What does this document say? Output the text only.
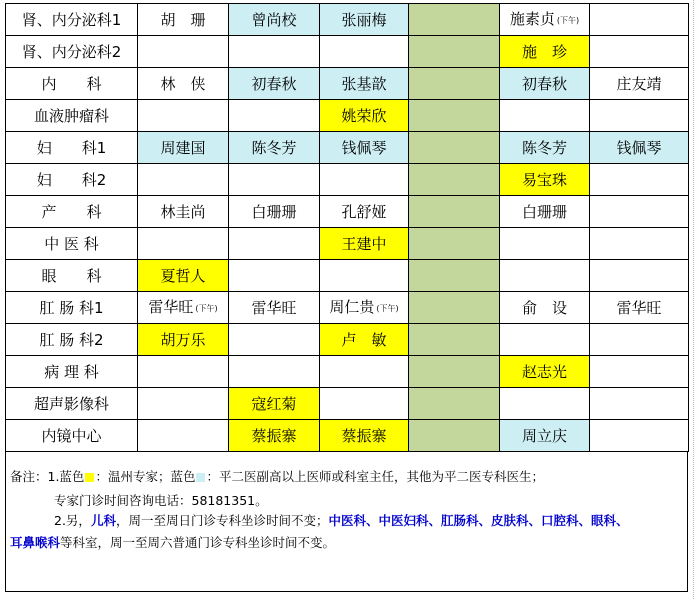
肾、内分泌科1	胡　珊	曾尚校	张丽梅		施素贞 (下午)	
肾、内分泌科2					施　珍	
内　　科	林　侠	初春秋	张基歆		初春秋	庄友靖
血液肿瘤科			姚荣欣			
妇　　科1	周建国	陈冬芳	钱佩琴		陈冬芳	钱佩琴
妇　　科2					易宝珠	
产　　科	林圭尚	白珊珊	孔舒娅		白珊珊	
中 医 科			王建中			
眼　　科	夏哲人					
肛 肠 科1	雷华旺 (下午)	雷华旺	周仁贵 (下午)		俞　设	雷华旺
肛 肠 科2	胡万乐		卢　敏			
病 理 科					赵志光	
超声影像科		寇红菊				
内镜中心		蔡振寨	蔡振寨		周立庆	
备注：1.蓝色 ：温州专家；蓝色 ：平二医副高以上医师或科室主任，其他为平二医专科医生；
专家门诊时间咨询电话：58181351。
2.另，儿科，周一至周日门诊专科坐诊时间不变；中医科、中医妇科、肛肠科、皮肤科、口腔科、眼科、
耳鼻喉科等科室，周一至周六普通门诊专科坐诊时间不变。
